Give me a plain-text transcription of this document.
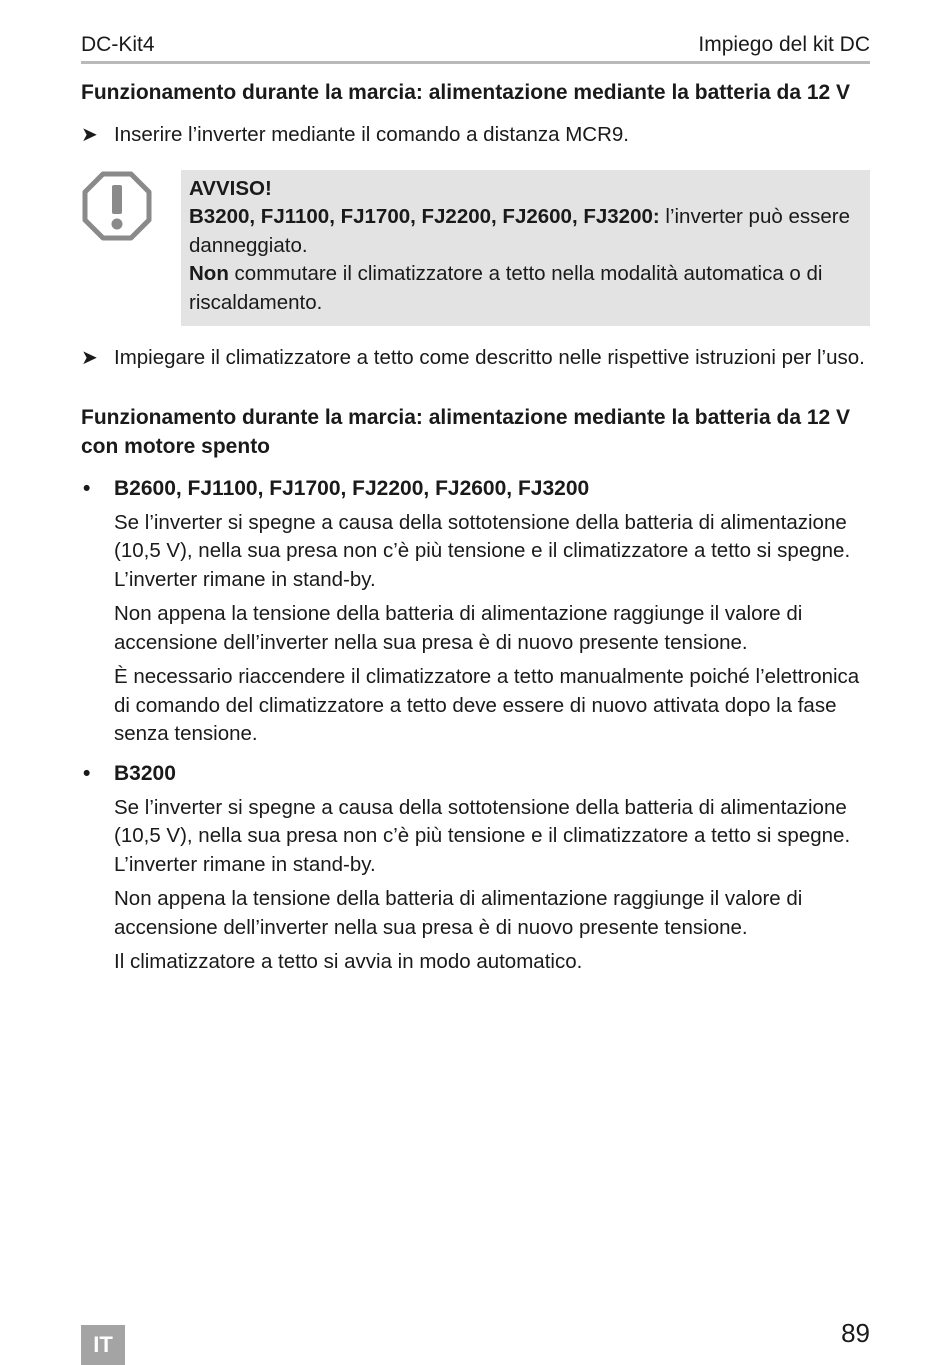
DC-Kit4	Impiego del kit DC
Funzionamento durante la marcia: alimentazione mediante la batteria da 12 V
➤ Inserire l’inverter mediante il comando a distanza MCR9.
AVVISO!
B3200, FJ1100, FJ1700, FJ2200, FJ2600, FJ3200: l’inverter può essere danneggiato.
Non commutare il climatizzatore a tetto nella modalità automatica o di riscaldamento.
➤ Impiegare il climatizzatore a tetto come descritto nelle rispettive istruzioni per l’uso.
Funzionamento durante la marcia: alimentazione mediante la batteria da 12 V con motore spento
•	B2600, FJ1100, FJ1700, FJ2200, FJ2600, FJ3200

Se l’inverter si spegne a causa della sottotensione della batteria di alimentazione (10,5 V), nella sua presa non c’è più tensione e il climatizzatore a tetto si spegne. L’inverter rimane in stand-by.

Non appena la tensione della batteria di alimentazione raggiunge il valore di accensione dell’inverter nella sua presa è di nuovo presente tensione.

È necessario riaccendere il climatizzatore a tetto manualmente poiché l’elettronica di comando del climatizzatore a tetto deve essere di nuovo attivata dopo la fase senza tensione.

•	B3200

Se l’inverter si spegne a causa della sottotensione della batteria di alimentazione (10,5 V), nella sua presa non c’è più tensione e il climatizzatore a tetto si spegne. L’inverter rimane in stand-by.

Non appena la tensione della batteria di alimentazione raggiunge il valore di accensione dell’inverter nella sua presa è di nuovo presente tensione.

Il climatizzatore a tetto si avvia in modo automatico.

IT	89
